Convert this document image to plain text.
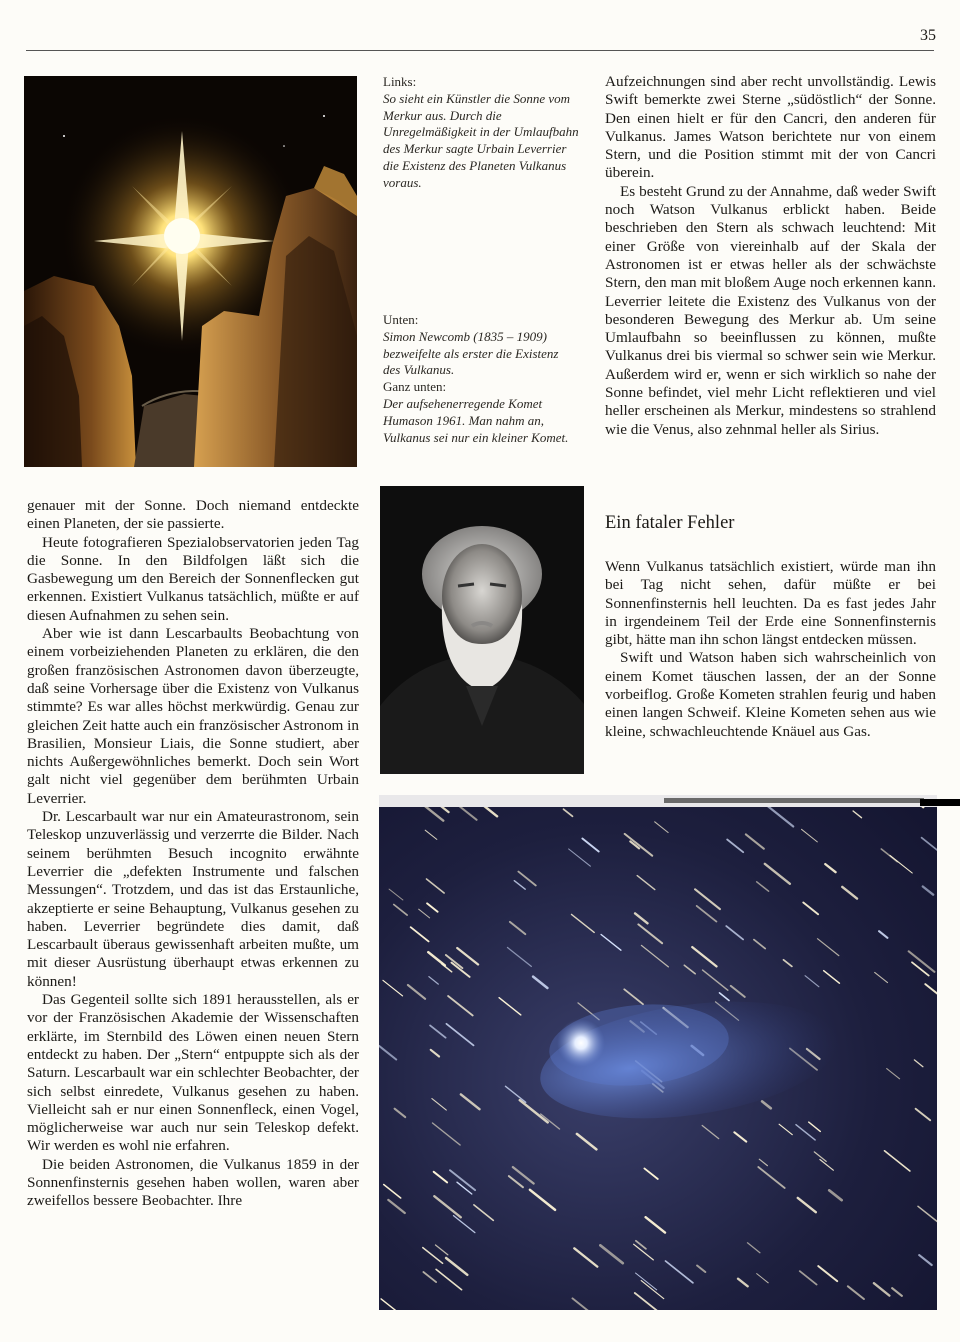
35
Links:
So sieht ein Künstler die Sonne vom Merkur aus. Durch die Unregelmäßigkeit in der Umlaufbahn des Merkur sagte Urbain Leverrier die Existenz des Planeten Vulkanus voraus.
Unten:
Simon Newcomb (1835 – 1909) bezweifelte als erster die Existenz des Vulkanus.
Ganz unten:
Der aufsehenerregende Komet Humason 1961. Man nahm an, Vulkanus sei nur ein kleiner Komet.

genauer mit der Sonne. Doch niemand entdeckte einen Planeten, der sie passierte.

Heute fotografieren Spezialobservatorien jeden Tag die Sonne. In den Bildfolgen läßt sich die Gasbewegung um den Bereich der Sonnenflecken gut erkennen. Existiert Vulkanus tatsächlich, müßte er auf diesen Aufnahmen zu sehen sein.

Aber wie ist dann Lescarbaults Beobachtung von einem vorbeiziehenden Planeten zu erklären, die den großen französischen Astronomen davon überzeugte, daß seine Vorhersage über die Existenz von Vulkanus stimmte? Es war alles höchst merkwürdig. Genau zur gleichen Zeit hatte auch ein französischer Astronom in Brasilien, Monsieur Liais, die Sonne studiert, aber nichts Außergewöhnliches bemerkt. Doch sein Wort galt nicht viel gegenüber dem berühmten Urbain Leverrier.

Dr. Lescarbault war nur ein Amateurastronom, sein Teleskop unzuverlässig und verzerrte die Bilder. Nach seinem berühmten Besuch incognito erwähnte Leverrier die „defekten Instrumente und falschen Messungen“. Trotzdem, und das ist das Erstaunliche, akzeptierte er seine Behauptung, Vulkanus gesehen zu haben. Leverrier begründete dies damit, daß Lescarbault überaus gewissenhaft arbeiten mußte, um mit dieser Ausrüstung überhaupt etwas erkennen zu können!

Das Gegenteil sollte sich 1891 herausstellen, als er vor der Französischen Akademie der Wissenschaften erklärte, im Sternbild des Löwen einen neuen Stern entdeckt zu haben. Der „Stern“ entpuppte sich als der Saturn. Lescarbault war ein schlechter Beobachter, der sich selbst einredete, Vulkanus gesehen zu haben. Vielleicht sah er nur einen Sonnenfleck, einen Vogel, möglicherweise war auch nur sein Teleskop defekt. Wir werden es wohl nie erfahren.

Die beiden Astronomen, die Vulkanus 1859 in der Sonnenfinsternis gesehen haben wollen, waren aber zweifellos bessere Beobachter. Ihre

Aufzeichnungen sind aber recht unvollständig. Lewis Swift bemerkte zwei Sterne „südöstlich“ der Sonne. Den einen hielt er für den Cancri, den anderen für Vulkanus. James Watson berichtete nur von einem Stern, und die Position stimmt mit der von Cancri überein.

Es besteht Grund zu der Annahme, daß weder Swift noch Watson Vulkanus erblickt haben. Beide beschrieben den Stern als schwach leuchtend: Mit einer Größe von viereinhalb auf der Skala der Astronomen ist er etwas heller als der schwächste Stern, den man mit bloßem Auge noch erkennen kann. Leverrier leitete die Existenz des Vulkanus von der besonderen Bewegung des Merkur ab. Um seine Umlaufbahn so beeinflussen zu können, mußte Vulkanus drei bis viermal so schwer sein wie Merkur. Außerdem wird er, wenn er sich wirklich so nahe der Sonne befindet, viel mehr Licht reflektieren und viel heller erscheinen als Merkur, mindestens so strahlend wie die Venus, also zehnmal heller als Sirius.

Ein fataler Fehler

Wenn Vulkanus tatsächlich existiert, würde man ihn bei Tag nicht sehen, dafür müßte er bei Sonnenfinsternis hell leuchten. Da es fast jedes Jahr in irgendeinem Teil der Erde eine Sonnenfinsternis gibt, hätte man ihn schon längst entdecken müssen.

Swift und Watson haben sich wahrscheinlich von einem Komet täuschen lassen, der an der Sonne vorbeiflog. Große Kometen strahlen feurig und haben einen langen Schweif. Kleine Kometen sehen aus wie kleine, schwachleuchtende Knäuel aus Gas.
